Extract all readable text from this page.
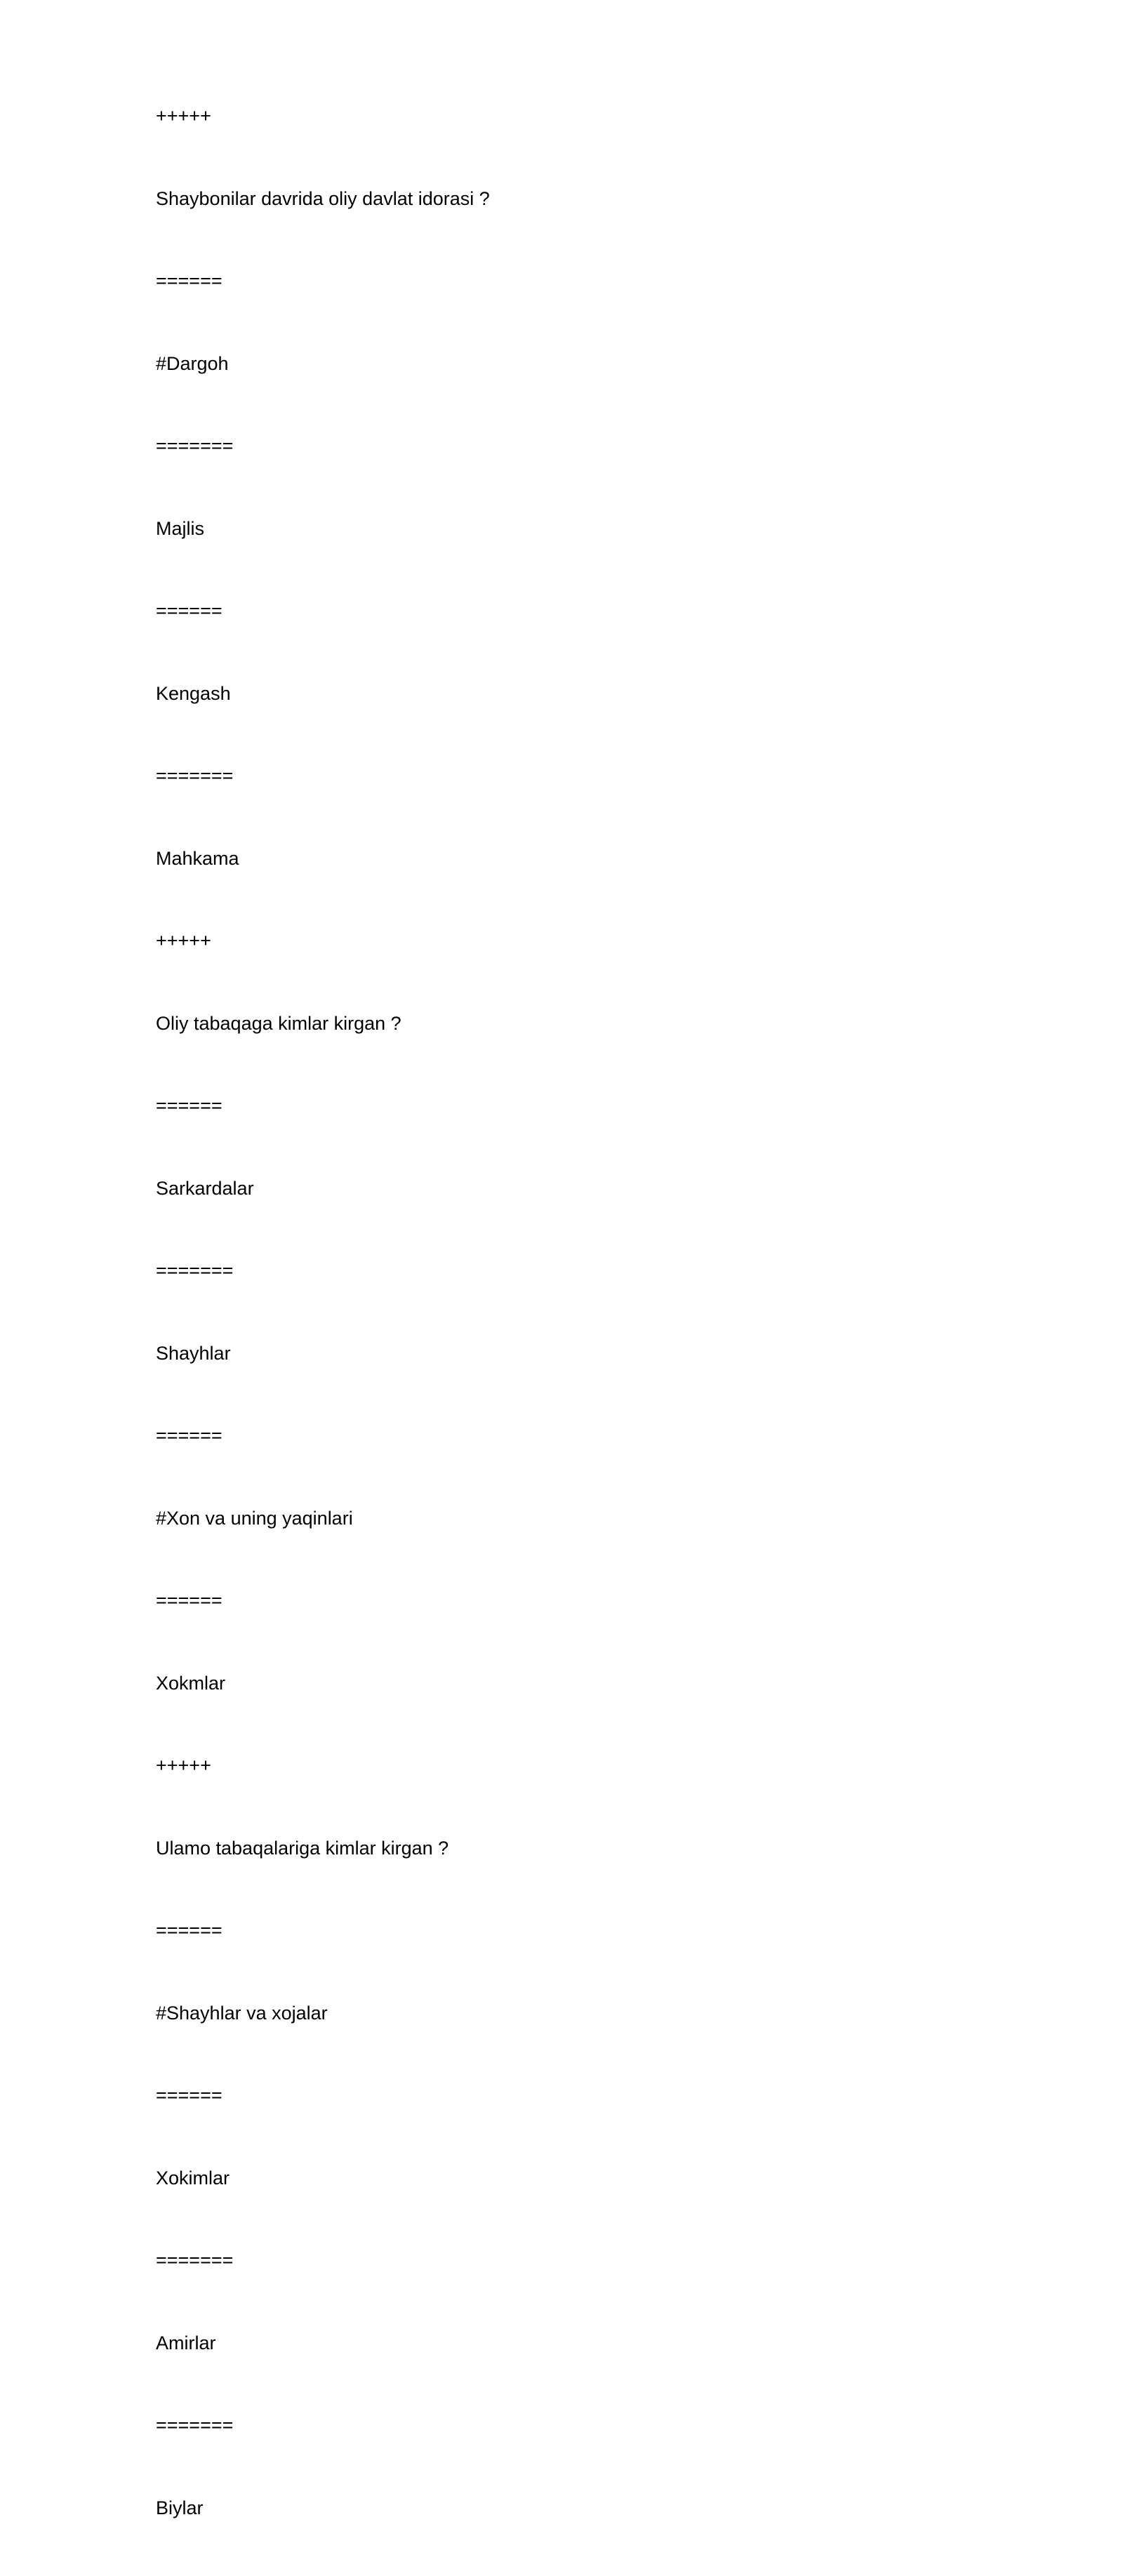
+++++
Shaybonilar davrida oliy davlat idorasi ?
======
#Dargoh
=======
Majlis
======
Kengash
=======
Mahkama
+++++
Oliy tabaqaga kimlar kirgan ?
======
Sarkardalar
=======
Shayhlar
======
#Xon va uning yaqinlari
======
Xokmlar
+++++
Ulamo tabaqalariga kimlar kirgan ?
======
#Shayhlar va xojalar
======
Xokimlar
=======
Amirlar
=======
Biylar
